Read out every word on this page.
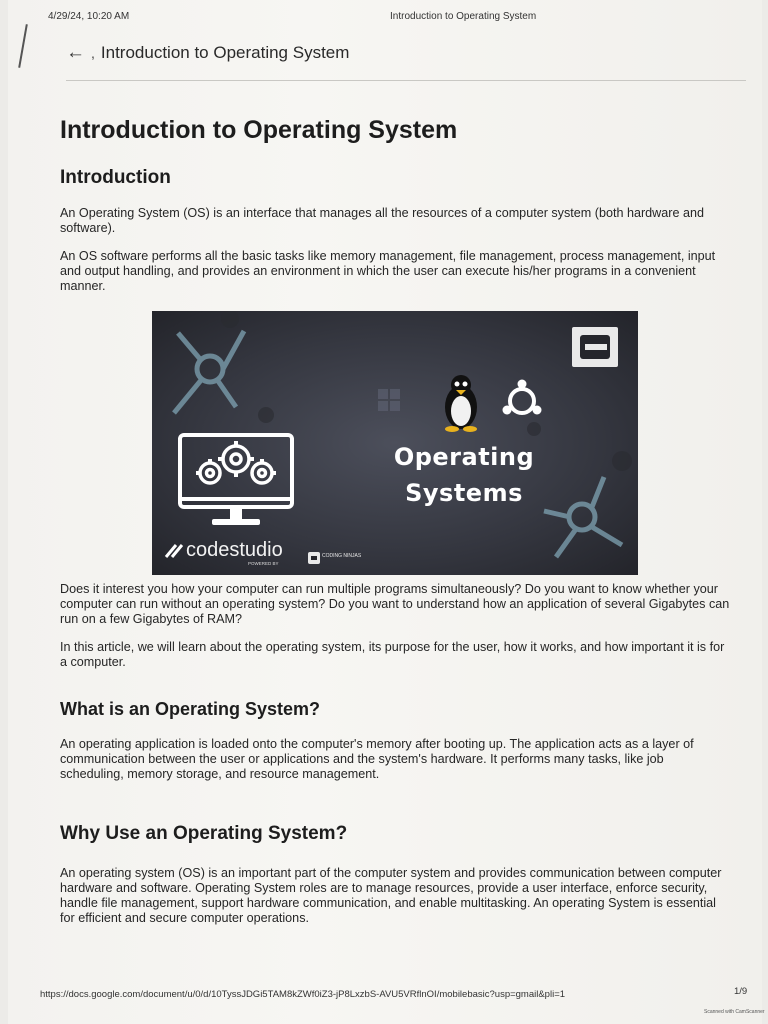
4/29/24, 10:20 AM	Introduction to Operating System
← , Introduction to Operating System
Introduction to Operating System
Introduction

An Operating System (OS) is an interface that manages all the resources of a computer system (both hardware and software).

An OS software performs all the basic tasks like memory management, file management, process management, input and output handling, and provides an environment in which the user can execute his/her programs in a convenient manner.

POWERED BY
CODING NINJAS
codestudio
Operating
Systems

Does it interest you how your computer can run multiple programs simultaneously? Do you want to know whether your computer can run without an operating system? Do you want to understand how an application of several Gigabytes can run on a few Gigabytes of RAM?

In this article, we will learn about the operating system, its purpose for the user, how it works, and how important it is for a computer.

What is an Operating System?

An operating application is loaded onto the computer's memory after booting up. The application acts as a layer of communication between the user or applications and the system's hardware. It performs many tasks, like job scheduling, memory storage, and resource management.

Why Use an Operating System?

An operating system (OS) is an important part of the computer system and provides communication between computer hardware and software. Operating System roles are to manage resources, provide a user interface, enforce security, handle file management, support hardware communication, and enable multitasking. An operating System is essential for efficient and secure computer operations.

https://docs.google.com/document/u/0/d/10TyssJDGi5TAM8kZWf0iZ3-jP8LxzbS-AVU5VRflnOI/mobilebasic?usp=gmail&pli=1	1/9
Scanned with CamScanner
